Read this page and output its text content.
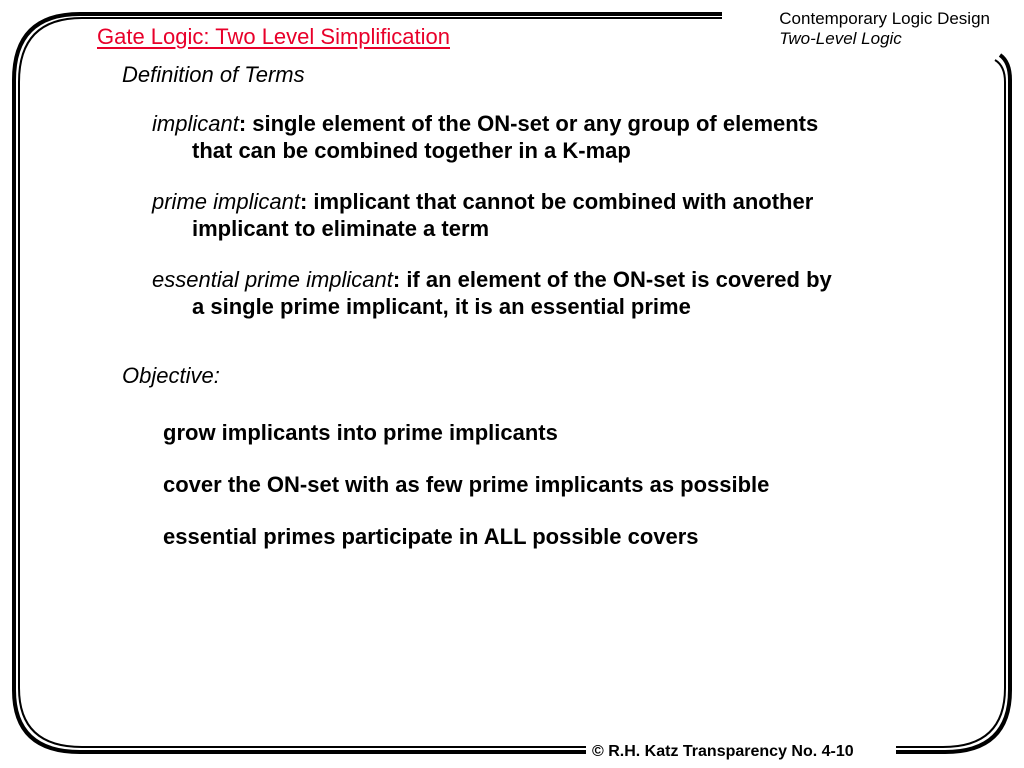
Contemporary Logic Design
Two-Level Logic
Gate Logic: Two Level Simplification
Definition of Terms
implicant: single element of the ON-set or any group of elements
that can be combined together in a K-map
prime implicant: implicant that cannot be combined with another
implicant to eliminate a term
essential prime implicant: if an element of the ON-set is covered by
a single prime implicant, it is an essential prime
Objective:
grow implicants into prime implicants
cover the ON-set with as few prime implicants as possible
essential primes participate in ALL possible covers
© R.H. Katz Transparency No. 4-10
